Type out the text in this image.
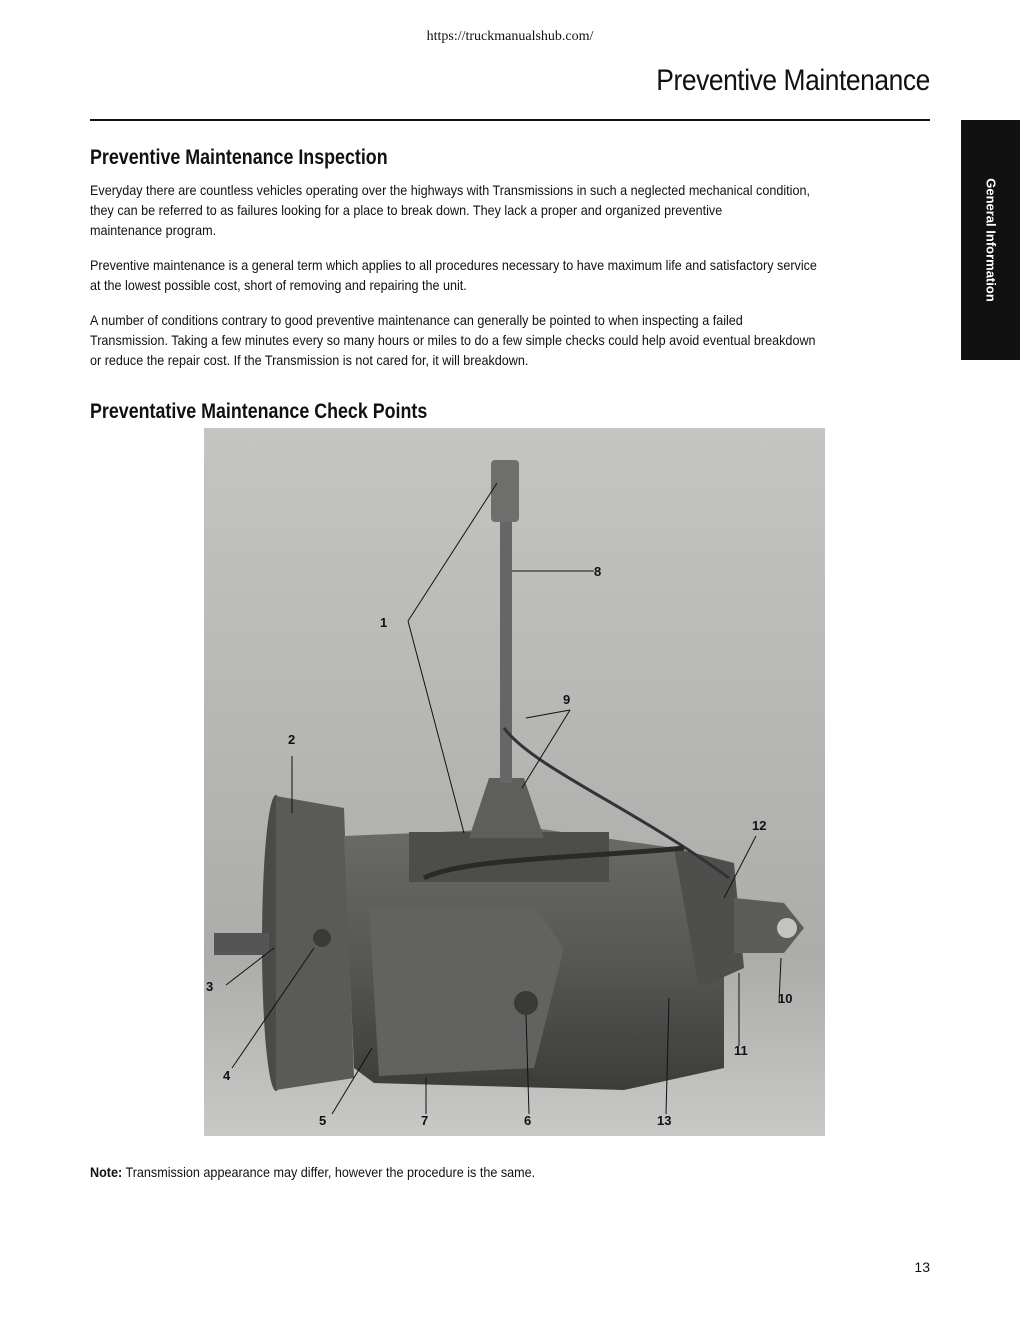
https://truckmanualshub.com/
Preventive Maintenance
General Information
Preventive Maintenance Inspection

Everyday there are countless vehicles operating over the highways with Transmissions in such a neglected mechanical condition,
they can be referred to as failures looking for a place to break down. They lack a proper and organized preventive
maintenance program.

Preventive maintenance is a general term which applies to all procedures necessary to have maximum life and satisfactory service
at the lowest possible cost, short of removing and repairing the unit.

A number of conditions contrary to good preventive maintenance can generally be pointed to when inspecting a failed
Transmission. Taking a few minutes every so many hours or miles to do a few simple checks could help avoid eventual breakdown
or reduce the repair cost. If the Transmission is not cared for, it will breakdown.

Preventative Maintenance Check Points
1
2
3
4
5	6
7
8
9
10
11
12
13

Note: Transmission appearance may differ, however the procedure is the same.

13
